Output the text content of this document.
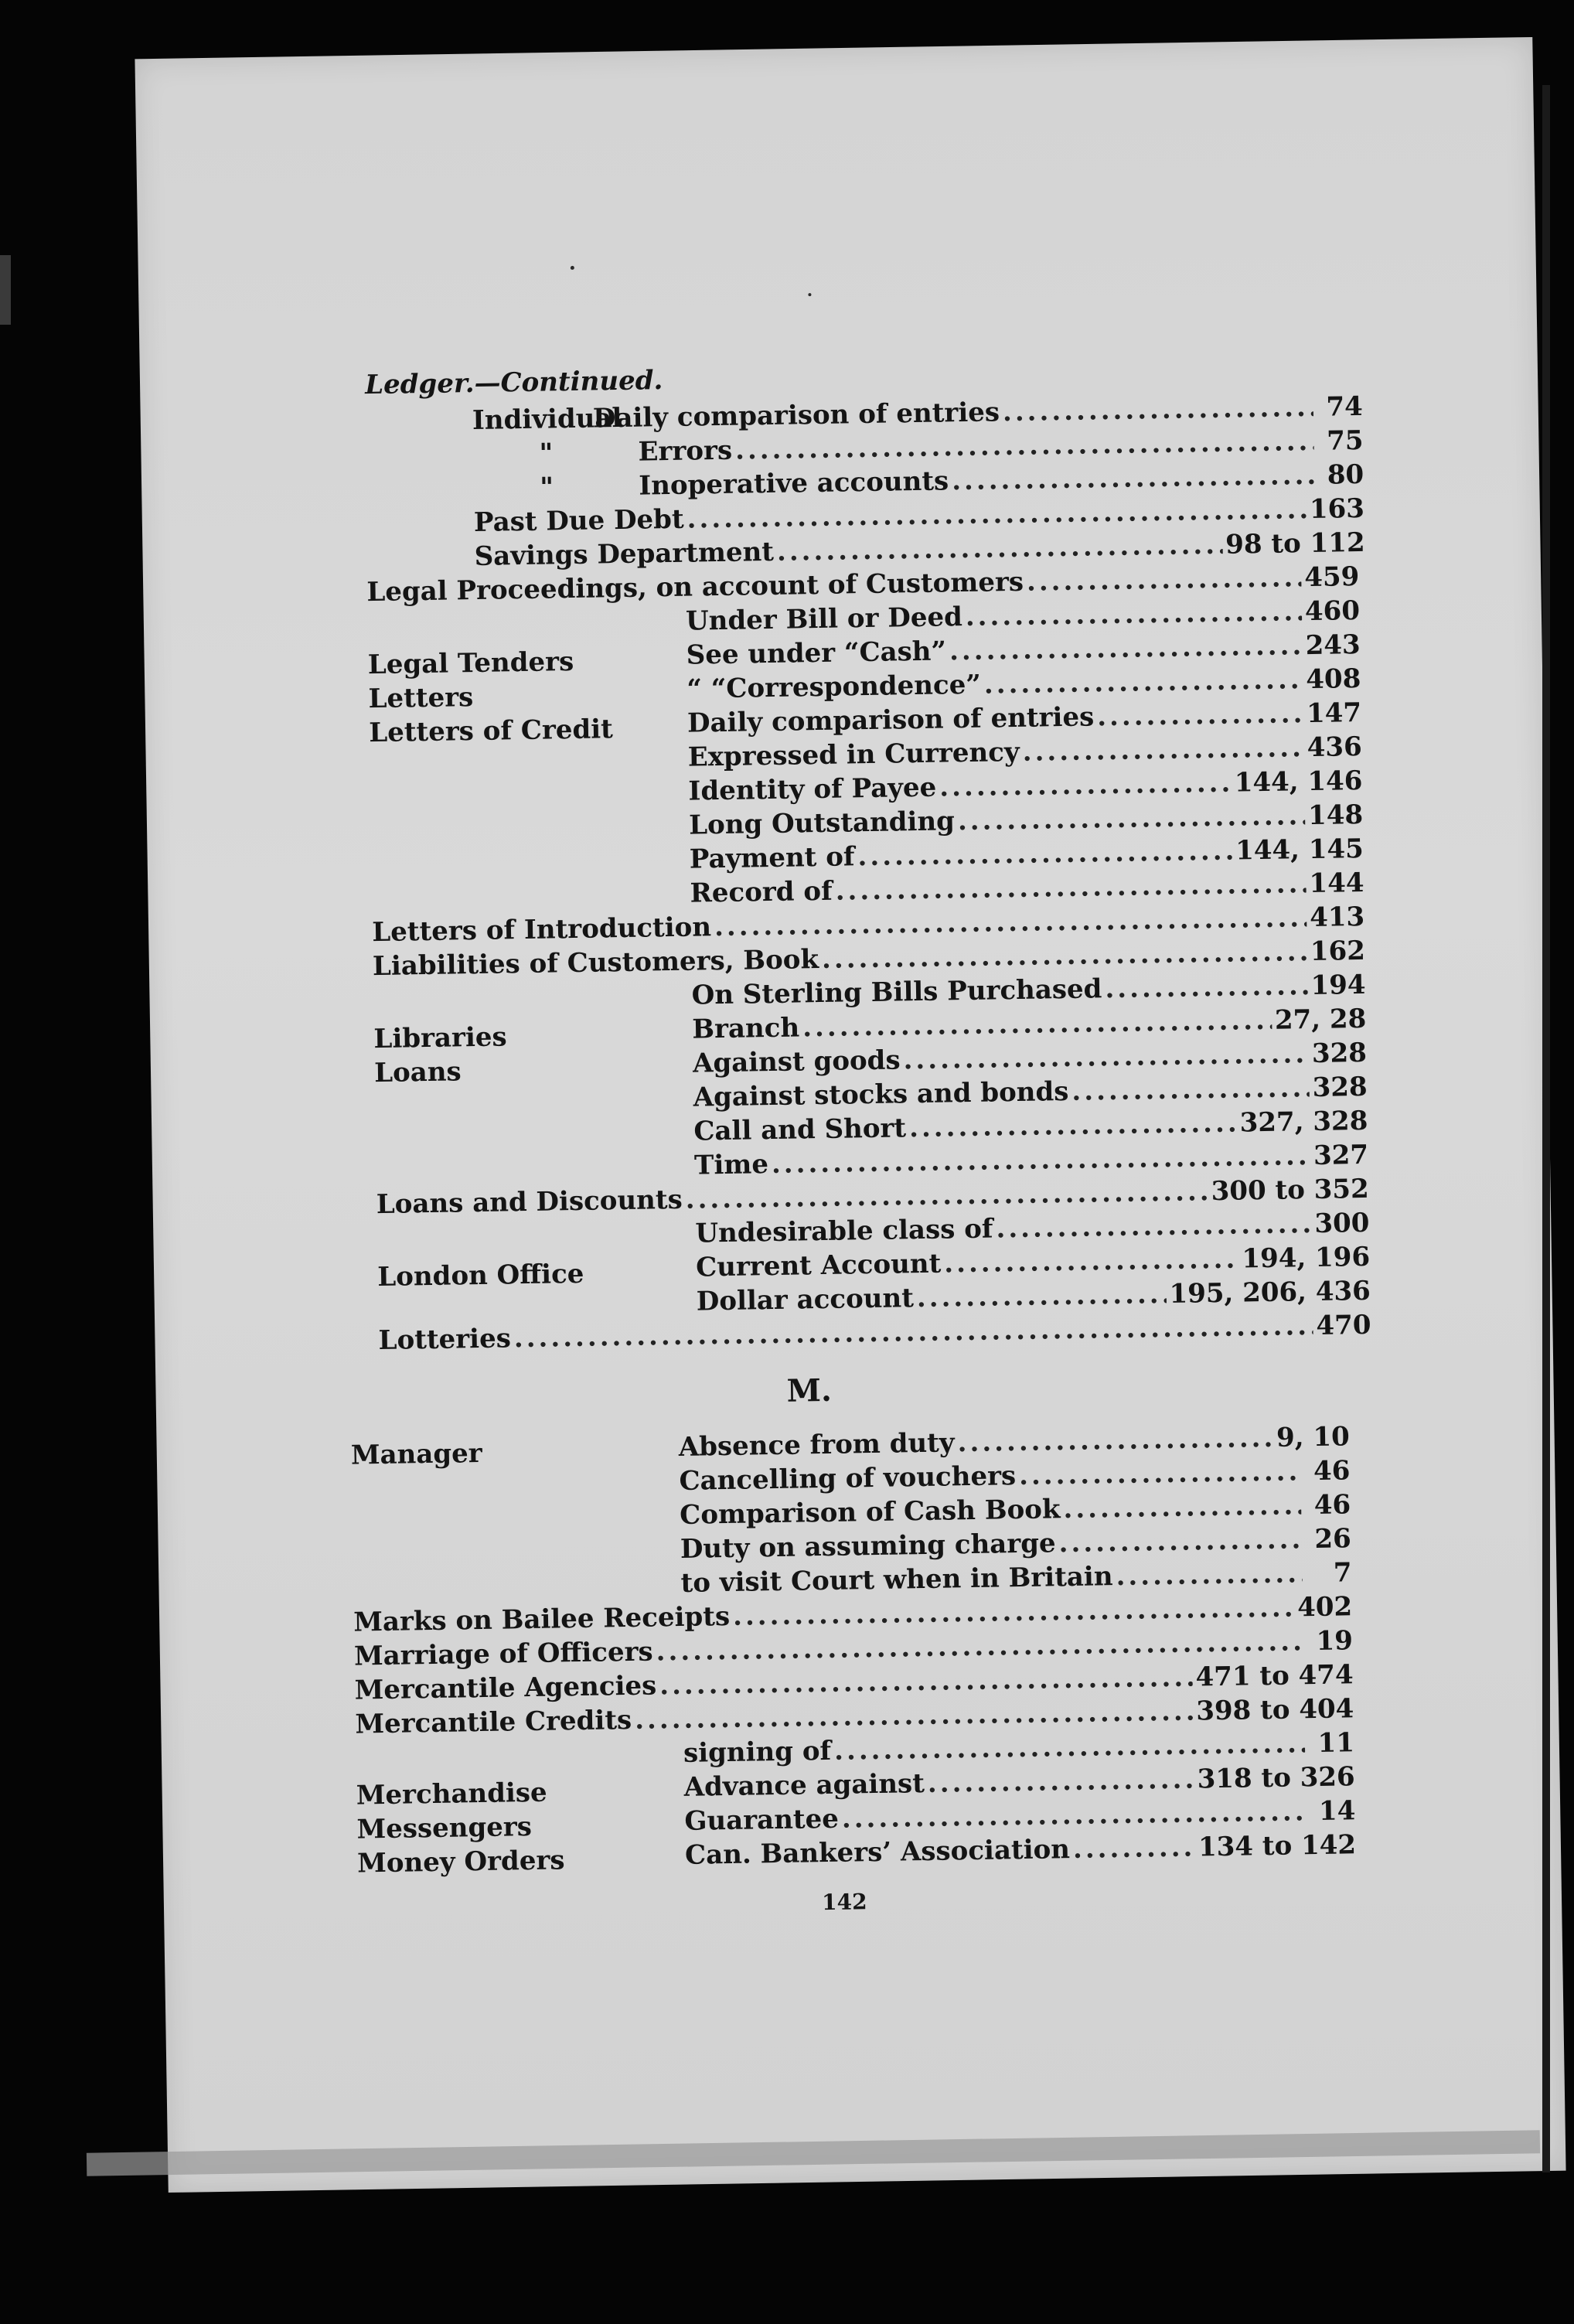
Ledger.—Continued.
Individual
Daily comparison of entries .....	74
"	Errors .....	75
"	Inoperative accounts .....	80
Past Due Debt .....	163
Savings Department .....	98 to 112
Legal Proceedings, on account of Customers .....	459
Under Bill or Deed .....	460
Legal Tenders	See under “Cash” .....	243
Letters	“ “Correspondence” .....	408
Letters of Credit	Daily comparison of entries .....	147
Expressed in Currency .....	436
Identity of Payee .....	144, 146
Long Outstanding .....	148
Payment of .....	144, 145
Record of .....	144
Letters of Introduction .....	413
Liabilities of Customers, Book .....	162
On Sterling Bills Purchased .....	194
Libraries	Branch .....	27, 28
Loans	Against goods .....	328
Against stocks and bonds .....	328
Call and Short .....	327, 328
Time .....	327
Loans and Discounts .....	300 to 352
Undesirable class of .....	300
London Office	Current Account .....	194, 196
Dollar account .....	195, 206, 436
Lotteries .....	470
M.
Manager	Absence from duty .....	9, 10
Cancelling of vouchers .....	46
Comparison of Cash Book .....	46
Duty on assuming charge .....	26
to visit Court when in Britain .....	7
Marks on Bailee Receipts .....	402
Marriage of Officers .....	19
Mercantile Agencies .....	471 to 474
Mercantile Credits .....	398 to 404
signing of .....	11
Merchandise	Advance against .....	318 to 326
Messengers	Guarantee .....	14
Money Orders	Can. Bankers’ Association .....	134 to 142
142
